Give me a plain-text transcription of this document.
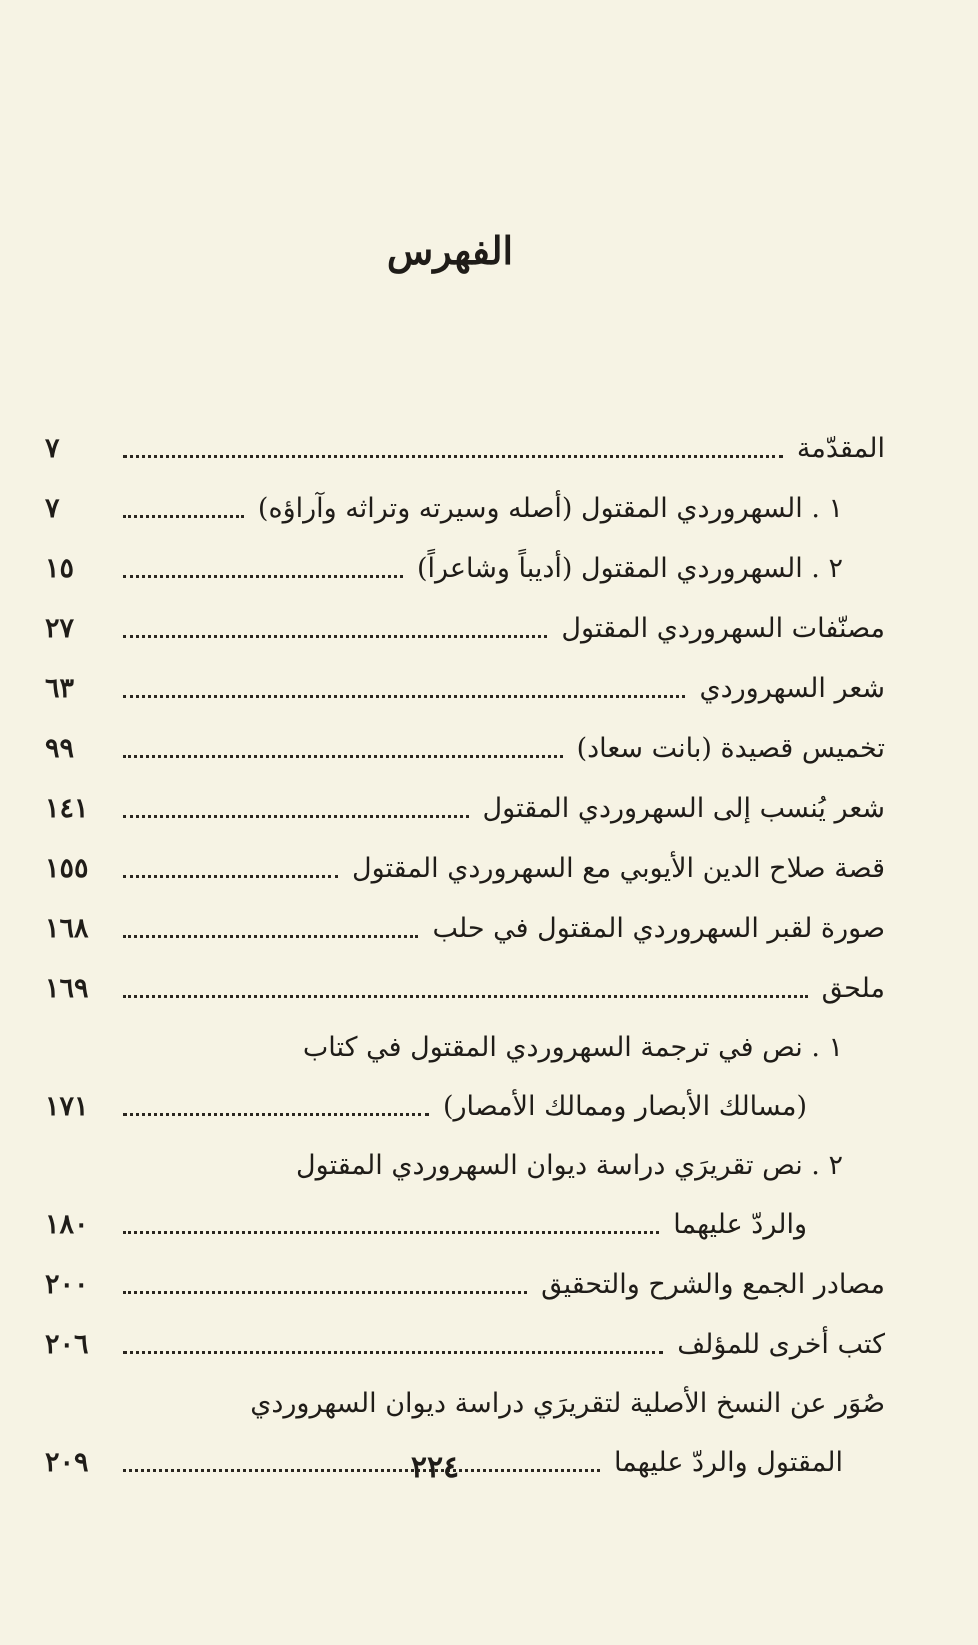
الفهرس
المقدّمة
٧
١ . السهروردي المقتول (أصله وسيرته وتراثه وآراؤه)
٧
٢ . السهروردي المقتول (أديباً وشاعراً)
١٥
مصنّفات السهروردي المقتول
٢٧
شعر السهروردي
٦٣
تخميس قصيدة (بانت سعاد)
٩٩
شعر يُنسب إلى السهروردي المقتول
١٤١
قصة صلاح الدين الأيوبي مع السهروردي المقتول
١٥٥
صورة لقبر السهروردي المقتول في حلب
١٦٨
ملحق
١٦٩
١ . نص في ترجمة السهروردي المقتول في كتاب
(مسالك الأبصار وممالك الأمصار)
١٧١
٢ . نص تقريرَي دراسة ديوان السهروردي المقتول
والردّ عليهما
١٨٠
مصادر الجمع والشرح والتحقيق
٢٠٠
كتب أخرى للمؤلف
٢٠٦
صُوَر عن النسخ الأصلية لتقريرَي دراسة ديوان السهروردي
المقتول والردّ عليهما
٢٠٩	٢٢٤
